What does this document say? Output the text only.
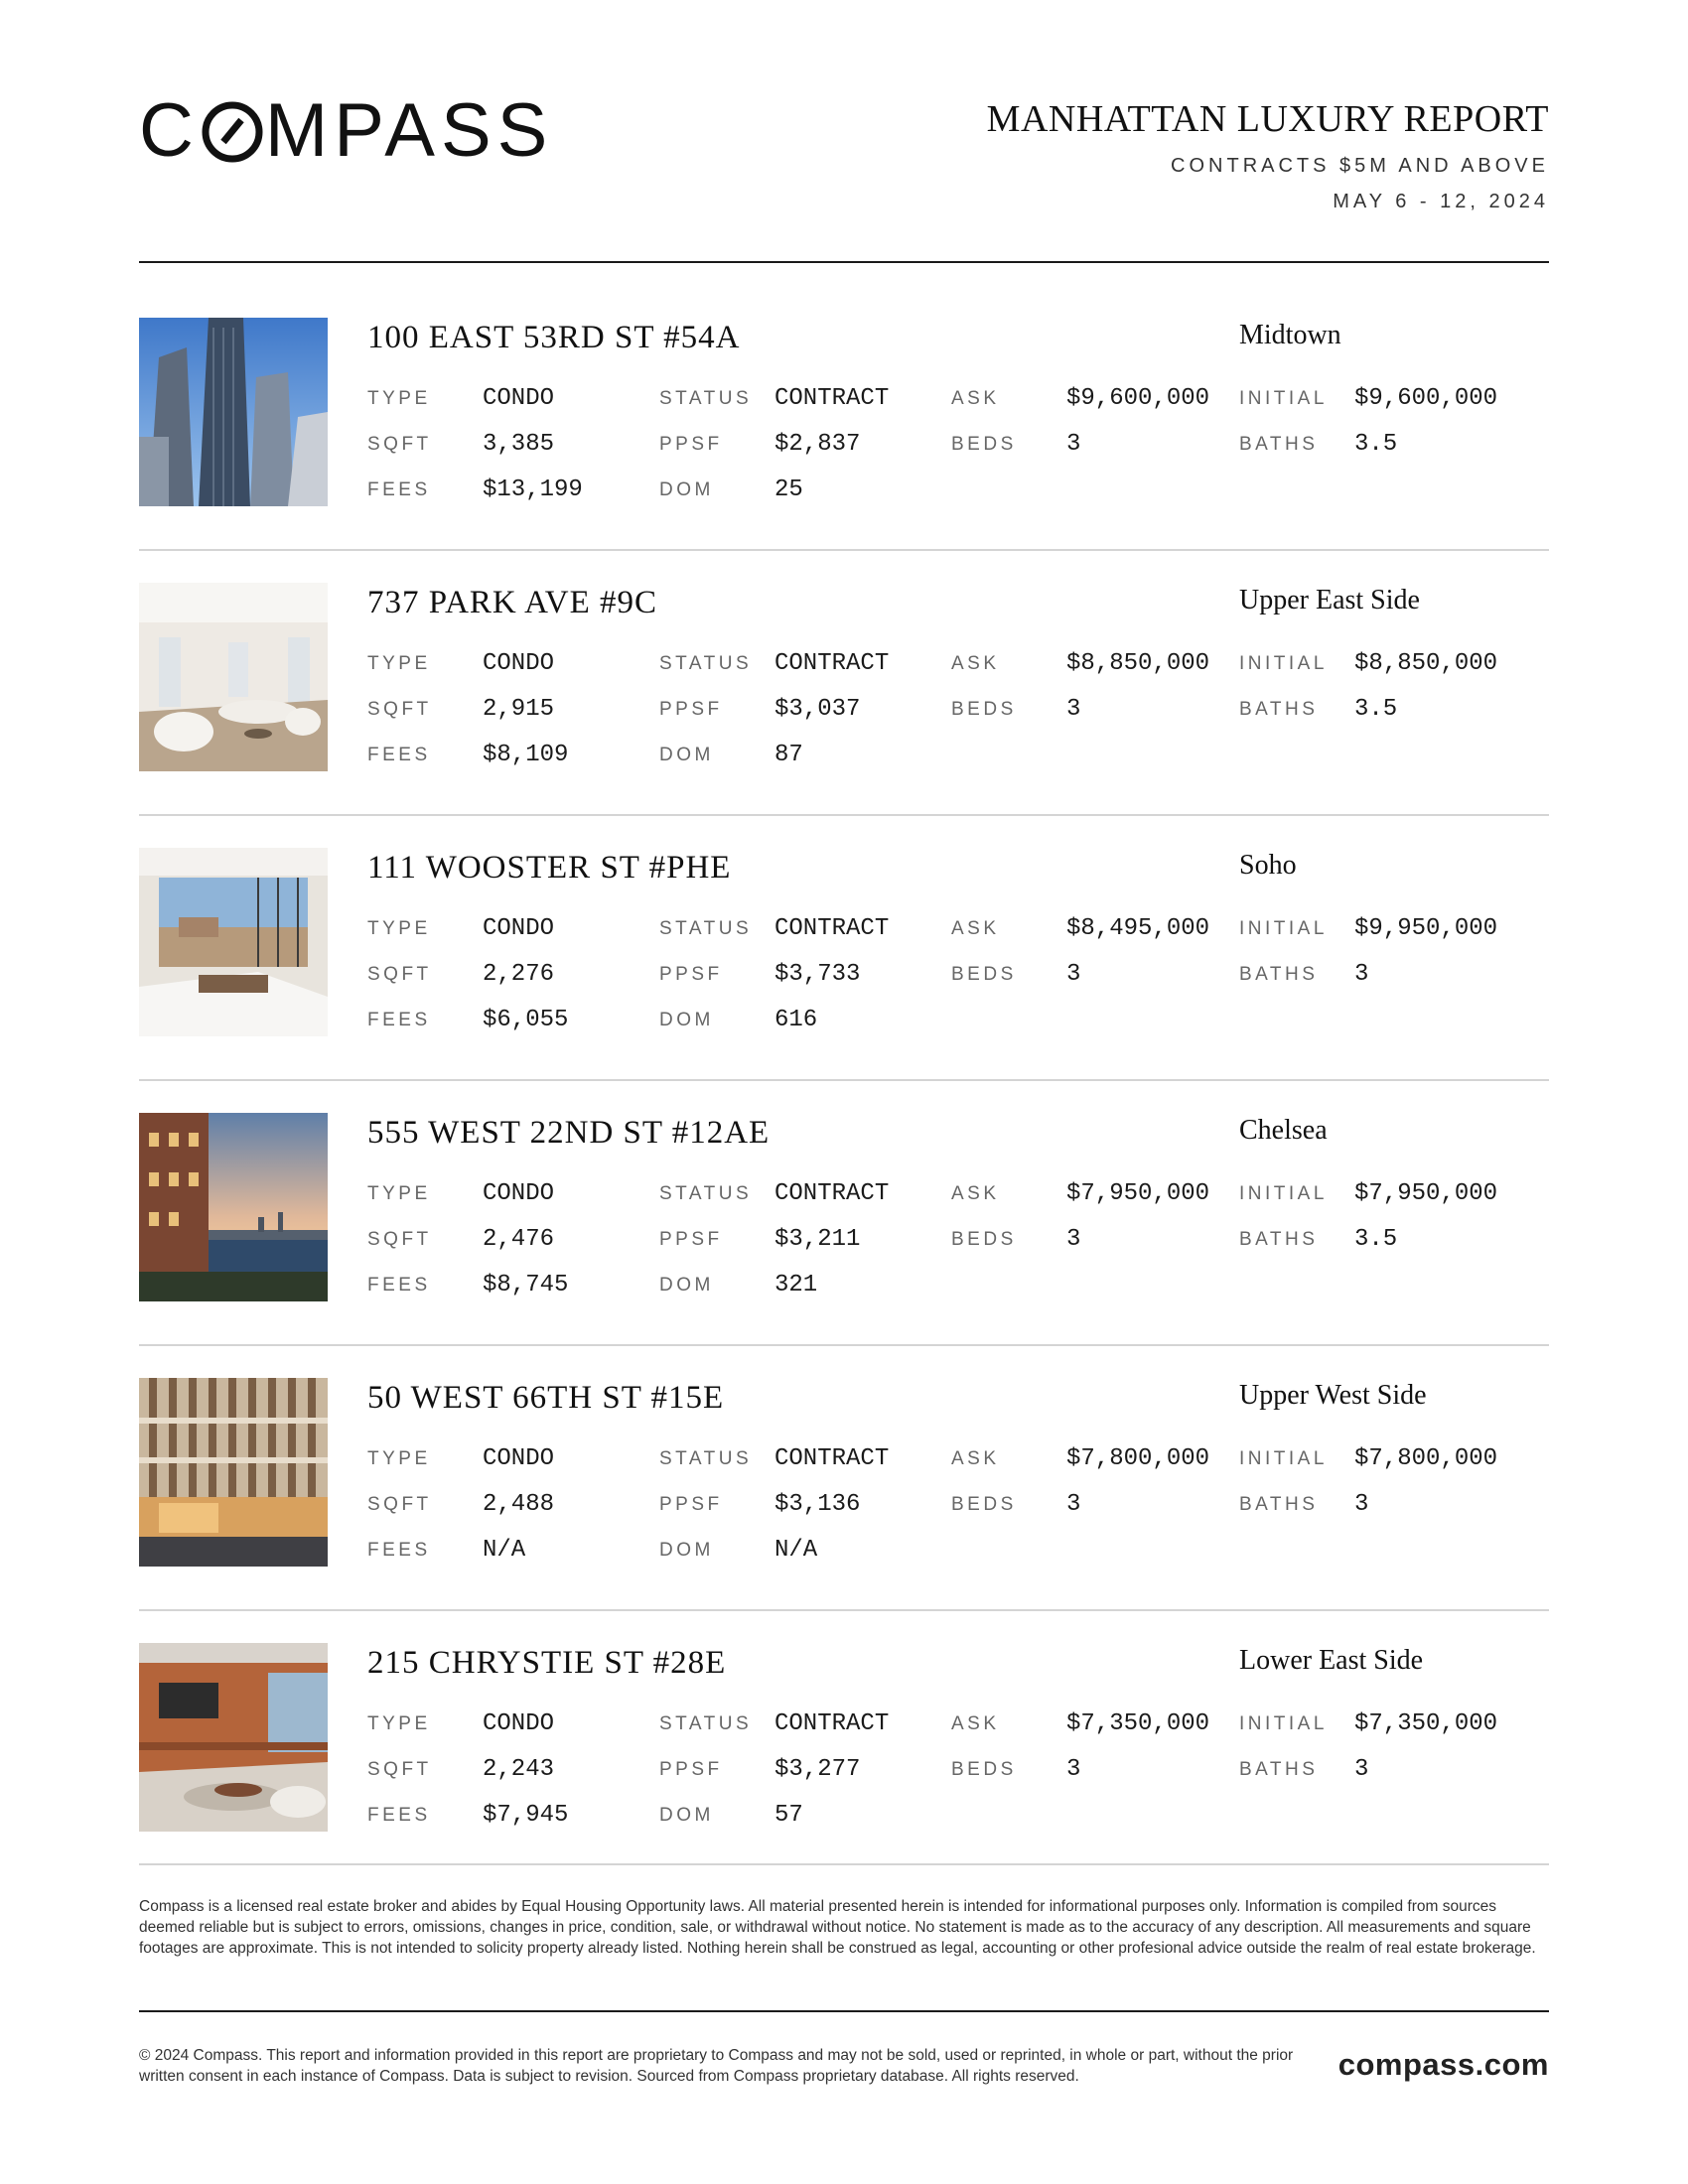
C MPASS	MANHATTAN LUXURY REPORT
CONTRACTS $5M AND ABOVE
MAY 6 - 12, 2024
100 EAST 53RD ST #54A	Midtown
TYPE CONDO	STATUS CONTRACT	ASK	$9,600,000 INITIAL $9,600,000
SQFT 3,385	PPSF $2,837	BEDS 3	BATHS 3.5
FEES $13,199	DOM	25
737 PARK AVE #9C	Upper East Side
TYPE CONDO	STATUS CONTRACT	ASK	$8,850,000 INITIAL $8,850,000
SQFT 2,915	PPSF $3,037	BEDS 3	BATHS 3.5
FEES $8,109	DOM	87
111 WOOSTER ST #PHE	Soho
TYPE CONDO	STATUS CONTRACT	ASK	$8,495,000 INITIAL $9,950,000
SQFT 2,276	PPSF $3,733	BEDS 3	BATHS 3
FEES $6,055	DOM	616
555 WEST 22ND ST #12AE	Chelsea
TYPE CONDO	STATUS CONTRACT	ASK	$7,950,000 INITIAL $7,950,000
SQFT 2,476	PPSF $3,211	BEDS 3	BATHS 3.5
FEES $8,745	DOM	321
50 WEST 66TH ST #15E	Upper West Side
TYPE CONDO	STATUS CONTRACT	ASK	$7,800,000 INITIAL $7,800,000
SQFT 2,488	PPSF $3,136	BEDS 3	BATHS 3
FEES N/A	DOM	N/A
215 CHRYSTIE ST #28E	Lower East Side
TYPE CONDO	STATUS CONTRACT	ASK	$7,350,000 INITIAL $7,350,000
SQFT 2,243	PPSF $3,277	BEDS 3	BATHS 3
FEES $7,945	DOM	57
Compass is a licensed real estate broker and abides by Equal Housing Opportunity laws. All material presented herein is intended for informational purposes only. Information is compiled from sources deemed reliable but is subject to errors, omissions, changes in price, condition, sale, or withdrawal without notice. No statement is made as to the accuracy of any description. All measurements and square footages are approximate. This is not intended to solicity property already listed. Nothing herein shall be construed as legal, accounting or other profesional advice outside the realm of real estate brokerage.
© 2024 Compass. This report and information provided in this report are proprietary to Compass and may not be sold, used or reprinted, in whole or part, without the prior written consent in each instance of Compass. Data is subject to revision. Sourced from Compass proprietary database. All rights reserved.	compass.com
